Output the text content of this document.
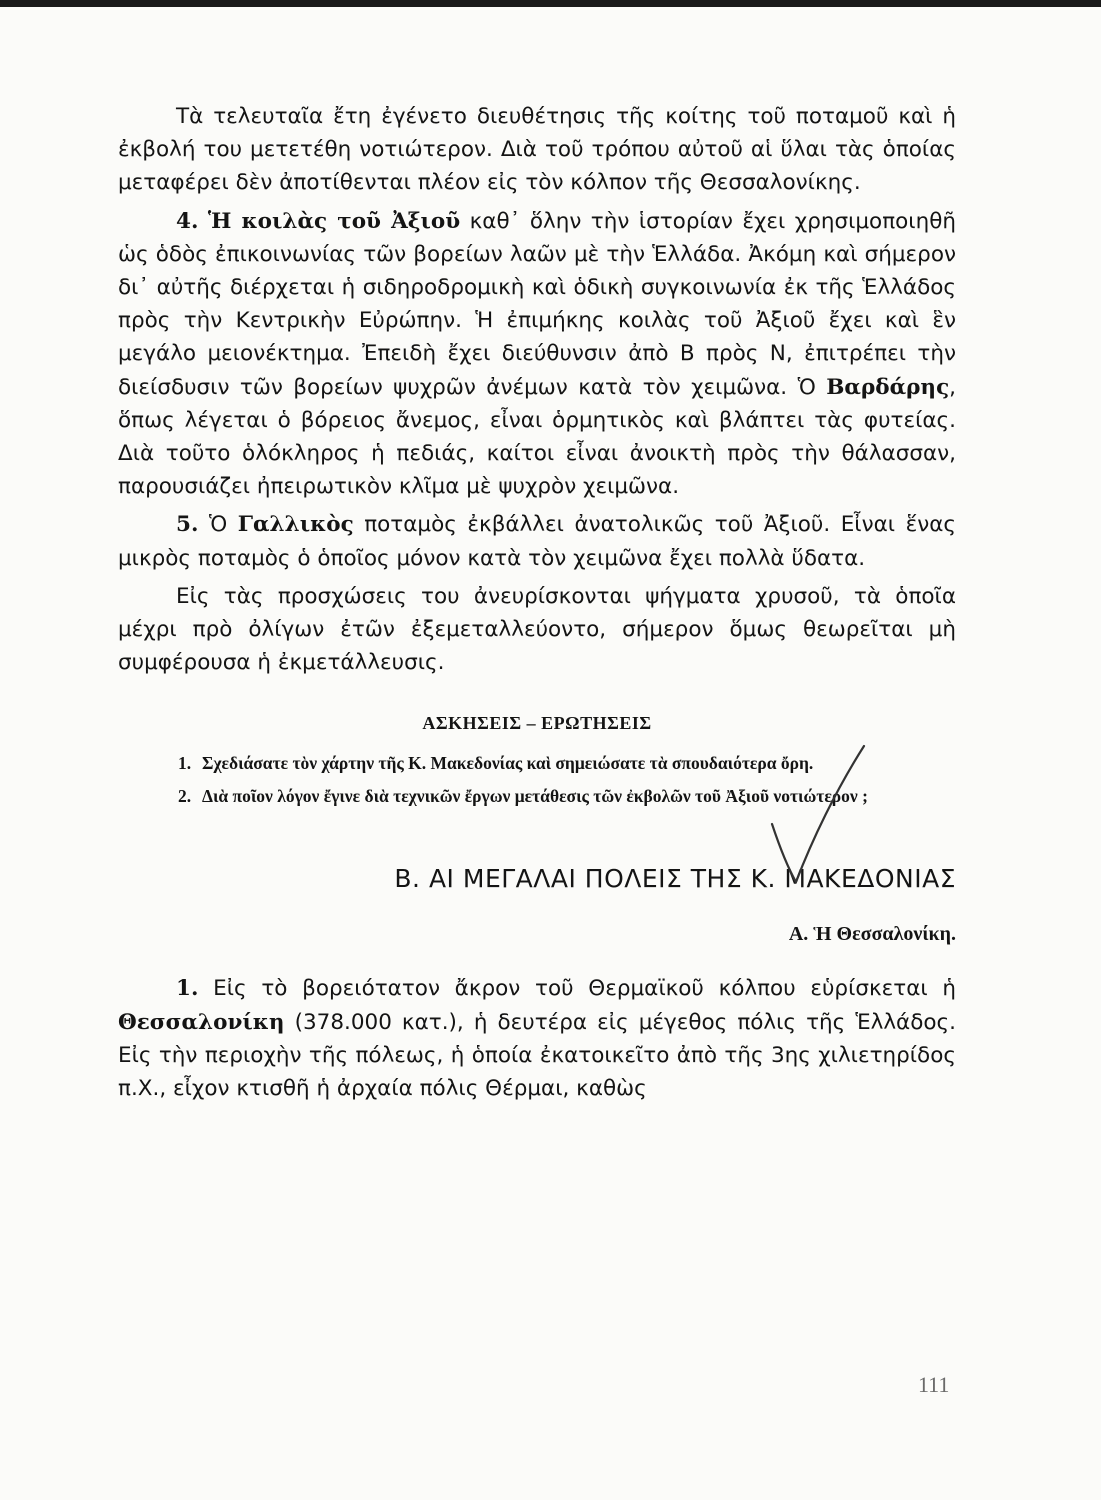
Τὰ τελευταῖα ἔτη ἐγένετο διευθέτησις τῆς κοίτης τοῦ ποταμοῦ καὶ ἡ ἐκβολή του μετετέθη νοτιώτερον. Διὰ τοῦ τρόπου αὐτοῦ αἱ ὕλαι τὰς ὁποίας μεταφέρει δὲν ἀποτίθενται πλέον εἰς τὸν κόλπον τῆς Θεσσαλονίκης.

4. Ἡ κοιλὰς τοῦ Ἀξιοῦ καθ᾽ ὅλην τὴν ἱστορίαν ἔχει χρησιμοποιηθῆ ὡς ὁδὸς ἐπικοινωνίας τῶν βορείων λαῶν μὲ τὴν Ἑλλάδα. Ἀκόμη καὶ σήμερον δι᾽ αὐτῆς διέρχεται ἡ σιδηροδρομικὴ καὶ ὁδικὴ συγκοινωνία ἐκ τῆς Ἑλλάδος πρὸς τὴν Κεντρικὴν Εὐρώπην. Ἡ ἐπιμήκης κοιλὰς τοῦ Ἀξιοῦ ἔχει καὶ ἓν μεγάλο μειονέκτημα. Ἐπειδὴ ἔχει διεύθυνσιν ἀπὸ Β πρὸς Ν, ἐπιτρέπει τὴν διείσδυσιν τῶν βορείων ψυχρῶν ἀνέμων κατὰ τὸν χειμῶνα. Ὁ Βαρδάρης, ὅπως λέγεται ὁ βόρειος ἄνεμος, εἶναι ὁρμητικὸς καὶ βλάπτει τὰς φυτείας. Διὰ τοῦτο ὁλόκληρος ἡ πεδιάς, καίτοι εἶναι ἀνοικτὴ πρὸς τὴν θάλασσαν, παρουσιάζει ἠπειρωτικὸν κλῖμα μὲ ψυχρὸν χειμῶνα.

5. Ὁ Γαλλικὸς ποταμὸς ἐκβάλλει ἀνατολικῶς τοῦ Ἀξιοῦ. Εἶναι ἕνας μικρὸς ποταμὸς ὁ ὁποῖος μόνον κατὰ τὸν χειμῶνα ἔχει πολλὰ ὕδατα.

Εἰς τὰς προσχώσεις του ἀνευρίσκονται ψήγματα χρυσοῦ, τὰ ὁποῖα μέχρι πρὸ ὀλίγων ἐτῶν ἐξεμεταλλεύοντο, σήμερον ὅμως θεωρεῖται μὴ συμφέρουσα ἡ ἐκμετάλλευσις.

ΑΣΚΗΣΕΙΣ – ΕΡΩΤΗΣΕΙΣ
1. Σχεδιάσατε τὸν χάρτην τῆς Κ. Μακεδονίας καὶ σημειώσατε τὰ σπουδαιότερα ὄρη.
2. Διὰ ποῖον λόγον ἔγινε διὰ τεχνικῶν ἔργων μετάθεσις τῶν ἐκβολῶν τοῦ Ἀξιοῦ νοτιώτερον ;
Β. ΑΙ ΜΕΓΑΛΑΙ ΠΟΛΕΙΣ ΤΗΣ Κ. ΜΑΚΕΔΟΝΙΑΣ
Α. Ἡ Θεσσαλονίκη.

1. Εἰς τὸ βορειότατον ἄκρον τοῦ Θερμαϊκοῦ κόλπου εὑρίσκεται ἡ Θεσσαλονίκη (378.000 κατ.), ἡ δευτέρα εἰς μέγεθος πόλις τῆς Ἑλλάδος. Εἰς τὴν περιοχὴν τῆς πόλεως, ἡ ὁποία ἐκατοικεῖτο ἀπὸ τῆς 3ης χιλιετηρίδος π.Χ., εἶχον κτισθῆ ἡ ἀρχαία πόλις Θέρμαι, καθὼς

111
